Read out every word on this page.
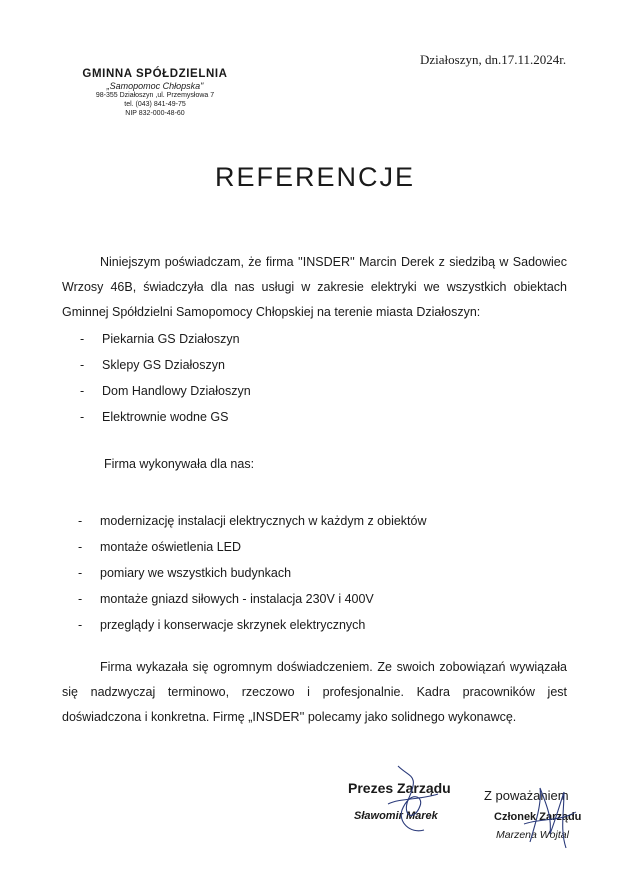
Działoszyn, dn.17.11.2024r.
GMINNA SPÓŁDZIELNIA
„Samopomoc Chłopska"
98-355 Działoszyn ,ul. Przemysłowa 7
tel. (043) 841-49-75
NIP 832-000-48-60
REFERENCJE
Niniejszym poświadczam, że firma ''INSDER'' Marcin Derek z siedzibą w Sadowiec Wrzosy 46B, świadczyła dla nas usługi w zakresie elektryki we wszystkich obiektach Gminnej Spółdzielni Samopomocy Chłopskiej na terenie miasta Działoszyn:
-	Piekarnia GS Działoszyn
-	Sklepy GS Działoszyn
-	Dom Handlowy Działoszyn
-	Elektrownie wodne GS
Firma wykonywała dla nas:
-	modernizację instalacji elektrycznych w każdym z obiektów
-	montaże oświetlenia LED
-	pomiary we wszystkich budynkach
-	montaże gniazd siłowych - instalacja 230V i 400V
-	przeglądy i konserwacje skrzynek elektrycznych
Firma wykazała się ogromnym doświadczeniem. Ze swoich zobowiązań wywiązała się nadzwyczaj terminowo, rzeczowo i profesjonalnie. Kadra pracowników jest doświadczona i konkretna. Firmę „INSDER'' polecamy jako solidnego wykonawcę.
Prezes Zarządu
Sławomir Marek
Z poważaniem
Członek Zarządu
Marzena Wojtal
